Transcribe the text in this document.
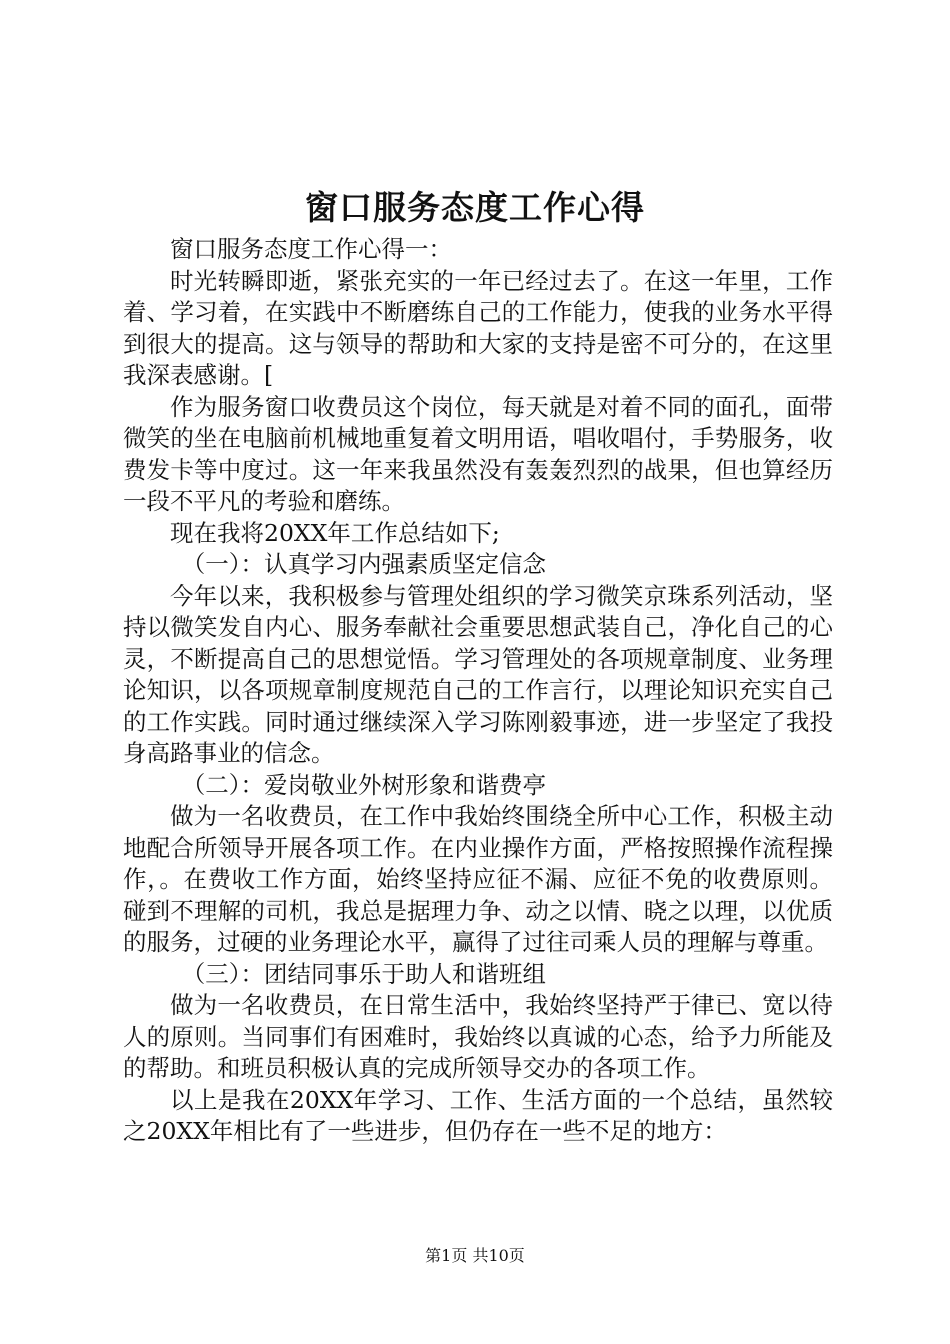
窗口服务态度工作心得

窗口服务态度工作心得一：

时光转瞬即逝，紧张充实的一年已经过去了。在这一年里，工作着、学习着，在实践中不断磨练自己的工作能力，使我的业务水平得到很大的提高。这与领导的帮助和大家的支持是密不可分的，在这里我深表感谢。[

作为服务窗口收费员这个岗位，每天就是对着不同的面孔，面带微笑的坐在电脑前机械地重复着文明用语，唱收唱付，手势服务，收费发卡等中度过。这一年来我虽然没有轰轰烈烈的战果，但也算经历一段不平凡的考验和磨练。

现在我将20XX年工作总结如下;

（一）：认真学习内强素质坚定信念

今年以来，我积极参与管理处组织的学习微笑京珠系列活动，坚持以微笑发自内心、服务奉献社会重要思想武装自己，净化自己的心灵，不断提高自己的思想觉悟。学习管理处的各项规章制度、业务理论知识，以各项规章制度规范自己的工作言行，以理论知识充实自己的工作实践。同时通过继续深入学习陈刚毅事迹，进一步坚定了我投身高路事业的信念。

（二）：爱岗敬业外树形象和谐费亭

做为一名收费员，在工作中我始终围绕全所中心工作，积极主动地配合所领导开展各项工作。在内业操作方面，严格按照操作流程操作，。在费收工作方面，始终坚持应征不漏、应征不免的收费原则。碰到不理解的司机，我总是据理力争、动之以情、晓之以理，以优质的服务，过硬的业务理论水平，赢得了过往司乘人员的理解与尊重。

（三）：团结同事乐于助人和谐班组

做为一名收费员，在日常生活中，我始终坚持严于律已、宽以待人的原则。当同事们有困难时，我始终以真诚的心态，给予力所能及的帮助。和班员积极认真的完成所领导交办的各项工作。

以上是我在20XX年学习、工作、生活方面的一个总结，虽然较之20XX年相比有了一些进步，但仍存在一些不足的地方：

第1页 共10页
